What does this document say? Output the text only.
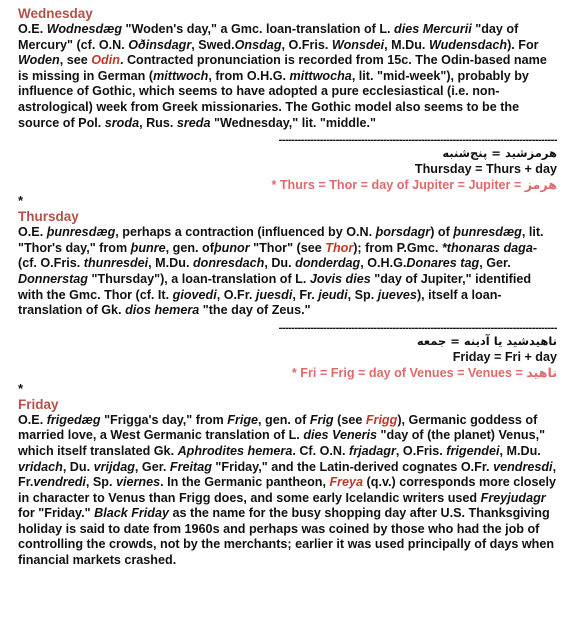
Wednesday

O.E. Wodnesdæg "Woden's day," a Gmc. loan-translation of L. dies Mercurii "day of Mercury" (cf. O.N. Oðinsdagr, Swed.Onsdag, O.Fris. Wonsdei, M.Du. Wudensdach). For Woden, see Odin. Contracted pronunciation is recorded from 15c. The Odin-based name is missing in German (mittwoch, from O.H.G. mittwocha, lit. "mid-week"), probably by influence of Gothic, which seems to have adopted a pure ecclesiastical (i.e. non-astrological) week from Greek missionaries. The Gothic model also seems to be the source of Pol. sroda, Rus. sreda "Wednesday," lit. "middle."

----------------------------------------------------------------------------------------
هرمزشید = پنج‌شنبه
Thursday = Thurs + day
* Thurs = Thor = day of Jupiter = Jupiter = هرمز
*
Thursday

O.E. þunresdæg, perhaps a contraction (influenced by O.N. þorsdagr) of þunresdæg, lit. "Thor's day," from þunre, gen. ofþunor "Thor" (see Thor); from P.Gmc. *thonaras daga- (cf. O.Fris. thunresdei, M.Du. donresdach, Du. donderdag, O.H.G.Donares tag, Ger. Donnerstag "Thursday"), a loan-translation of L. Jovis dies "day of Jupiter," identified with the Gmc. Thor (cf. It. giovedi, O.Fr. juesdi, Fr. jeudi, Sp. jueves), itself a loan-translation of Gk. dios hemera "the day of Zeus."

----------------------------------------------------------------------------------------
ناهیدشید یا آدینه = جمعه
Friday = Fri + day
* Fri = Frig = day of Venues = Venues = ناهید
*
Friday

O.E. frigedæg "Frigga's day," from Frige, gen. of Frig (see Frigg), Germanic goddess of married love, a West Germanic translation of L. dies Veneris "day of (the planet) Venus," which itself translated Gk. Aphrodites hemera. Cf. O.N. frjadagr, O.Fris. frigendei, M.Du. vridach, Du. vrijdag, Ger. Freitag "Friday," and the Latin-derived cognates O.Fr. vendresdi, Fr.vendredi, Sp. viernes. In the Germanic pantheon, Freya (q.v.) corresponds more closely in character to Venus than Frigg does, and some early Icelandic writers used Freyjudagr for "Friday." Black Friday as the name for the busy shopping day after U.S. Thanksgiving holiday is said to date from 1960s and perhaps was coined by those who had the job of controlling the crowds, not by the merchants; earlier it was used principally of days when financial markets crashed.
